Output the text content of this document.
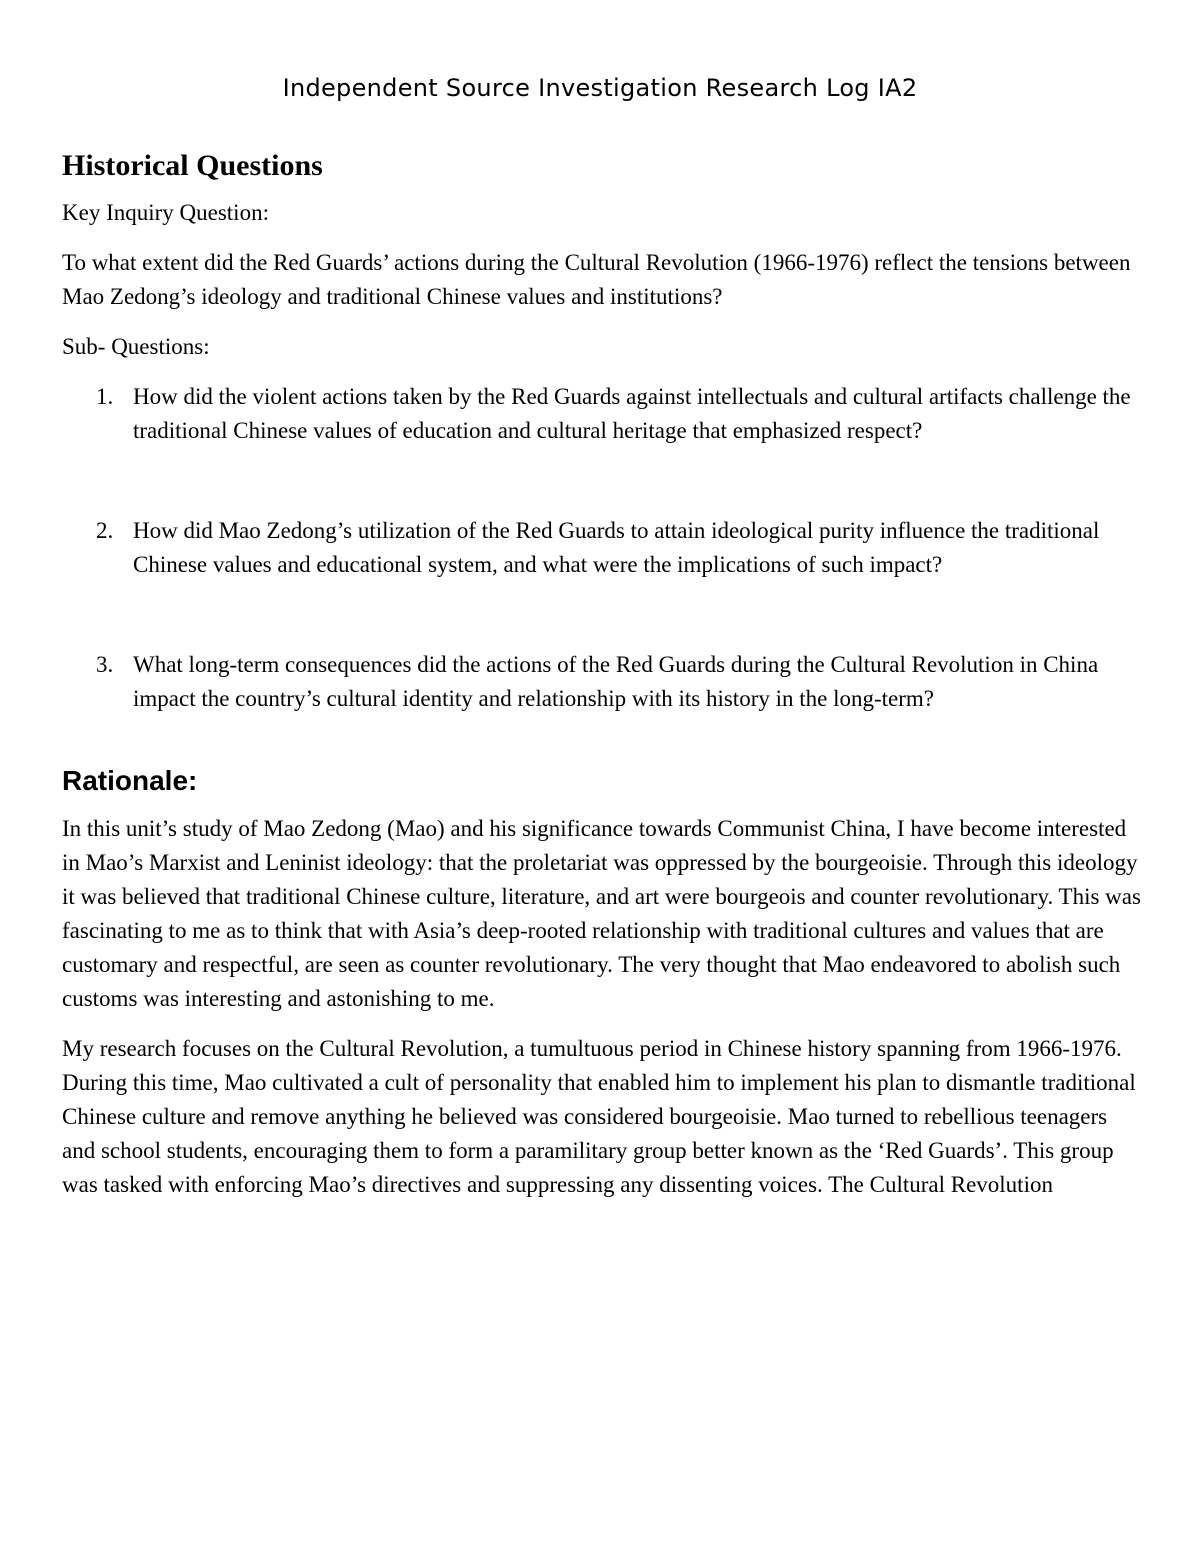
Independent Source Investigation Research Log IA2
Historical Questions

Key Inquiry Question:

To what extent did the Red Guards’ actions during the Cultural Revolution (1966-1976) reflect the tensions between Mao Zedong’s ideology and traditional Chinese values and institutions?

Sub- Questions:

1. How did the violent actions taken by the Red Guards against intellectuals and cultural artifacts challenge the traditional Chinese values of education and cultural heritage that emphasized respect?
2. How did Mao Zedong’s utilization of the Red Guards to attain ideological purity influence the traditional Chinese values and educational system, and what were the implications of such impact?
3. What long-term consequences did the actions of the Red Guards during the Cultural Revolution in China impact the country’s cultural identity and relationship with its history in the long-term?
Rationale:

In this unit’s study of Mao Zedong (Mao) and his significance towards Communist China, I have become interested in Mao’s Marxist and Leninist ideology: that the proletariat was oppressed by the bourgeoisie. Through this ideology it was believed that traditional Chinese culture, literature, and art were bourgeois and counter revolutionary. This was fascinating to me as to think that with Asia’s deep-rooted relationship with traditional cultures and values that are customary and respectful, are seen as counter revolutionary. The very thought that Mao endeavored to abolish such customs was interesting and astonishing to me.

My research focuses on the Cultural Revolution, a tumultuous period in Chinese history spanning from 1966-1976. During this time, Mao cultivated a cult of personality that enabled him to implement his plan to dismantle traditional Chinese culture and remove anything he believed was considered bourgeoisie. Mao turned to rebellious teenagers and school students, encouraging them to form a paramilitary group better known as the ‘Red Guards’. This group was tasked with enforcing Mao’s directives and suppressing any dissenting voices. The Cultural Revolution
